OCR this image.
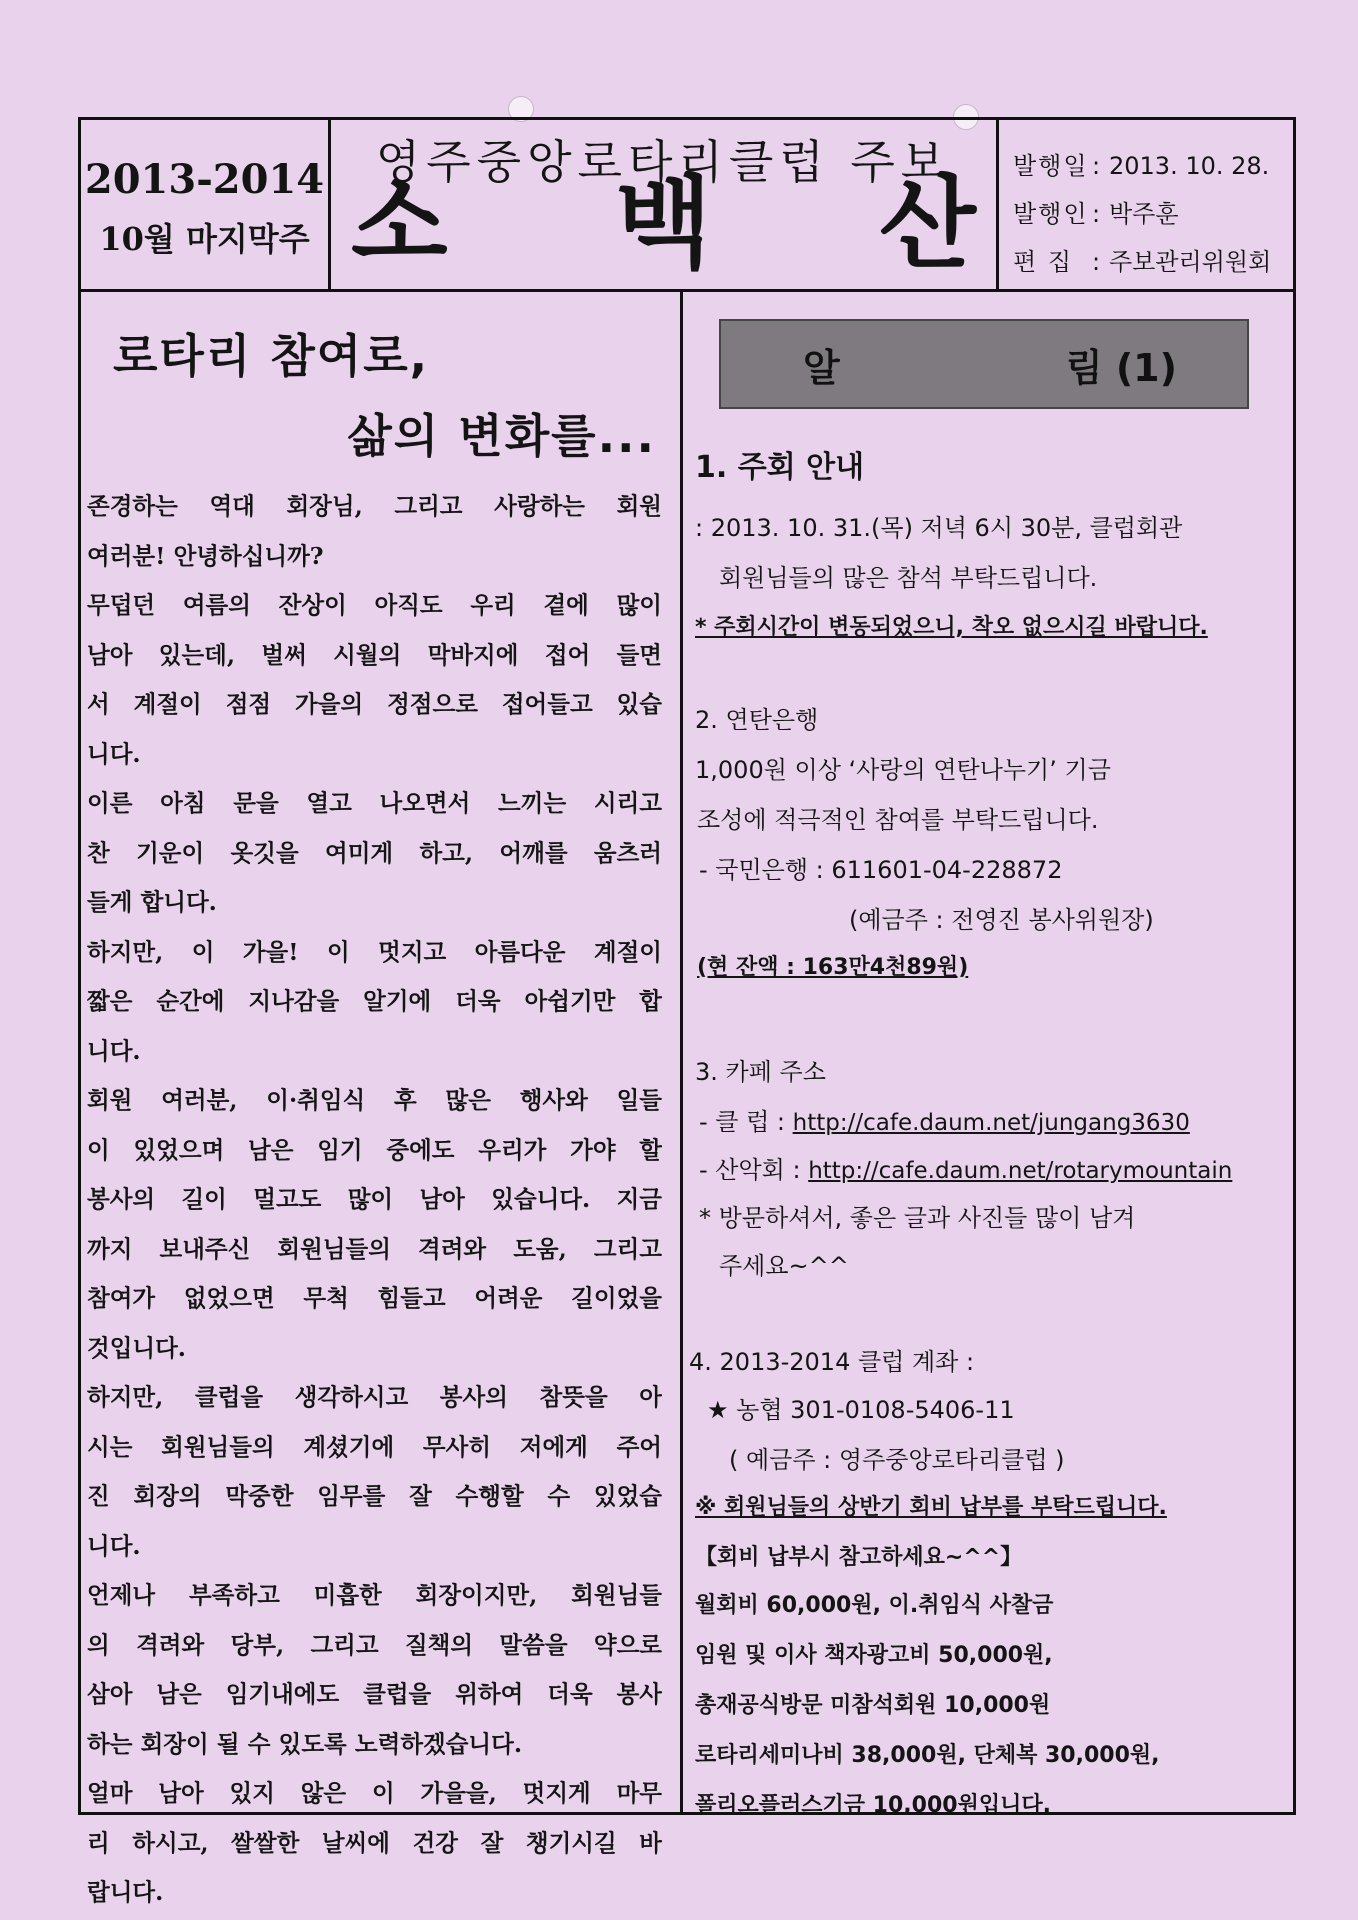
2013-2014
10월 마지막주
영주중앙로타리클럽 주보
소 백 산 발행일 : 2013. 10. 28.
발행인 : 박주훈
편 집 : 주보관리위원회
로타리 참여로,
삶의 변화를...
존경하는 역대 회장님, 그리고 사랑하는 회원
여러분! 안녕하십니까?
무덥던 여름의 잔상이 아직도 우리 곁에 많이
남아 있는데, 벌써 시월의 막바지에 접어 들면
서 계절이 점점 가을의 정점으로 접어들고 있습
니다.
이른 아침 문을 열고 나오면서 느끼는 시리고
찬 기운이 옷깃을 여미게 하고, 어깨를 움츠러
들게 합니다.
하지만, 이 가을! 이 멋지고 아름다운 계절이
짧은 순간에 지나감을 알기에 더욱 아쉽기만 합
니다.
회원 여러분, 이·취임식 후 많은 행사와 일들
이 있었으며 남은 임기 중에도 우리가 가야 할
봉사의 길이 멀고도 많이 남아 있습니다. 지금
까지 보내주신 회원님들의 격려와 도움, 그리고
참여가 없었으면 무척 힘들고 어려운 길이었을
것입니다.
하지만, 클럽을 생각하시고 봉사의 참뜻을 아
시는 회원님들의 계셨기에 무사히 저에게 주어
진 회장의 막중한 임무를 잘 수행할 수 있었습
니다.
언제나 부족하고 미흡한 회장이지만, 회원님들
의 격려와 당부, 그리고 질책의 말씀을 약으로
삼아 남은 임기내에도 클럽을 위하여 더욱 봉사
하는 회장이 될 수 있도록 노력하겠습니다.
얼마 남아 있지 않은 이 가을을, 멋지게 마무
리 하시고, 쌀쌀한 날씨에 건강 잘 챙기시길 바
랍니다.
알	림 (1)
1. 주회 안내
: 2013. 10. 31.(목) 저녁 6시 30분, 클럽회관
회원님들의 많은 참석 부탁드립니다.
* 주회시간이 변동되었으니, 착오 없으시길 바랍니다.
2. 연탄은행
1,000원 이상 ‘사랑의 연탄나누기’ 기금
조성에 적극적인 참여를 부탁드립니다.
- 국민은행 : 611601-04-228872
(예금주 : 전영진 봉사위원장)
(현 잔액 : 163만4천89원)
3. 카페 주소
- 클 럽 : http://cafe.daum.net/jungang3630
- 산악회 : http://cafe.daum.net/rotarymountain
* 방문하셔서, 좋은 글과 사진들 많이 남겨
주세요~^^
4. 2013-2014 클럽 계좌 :
★ 농협 301-0108-5406-11
( 예금주 : 영주중앙로타리클럽 )
※ 회원님들의 상반기 회비 납부를 부탁드립니다.
【회비 납부시 참고하세요~^^】
월회비 60,000원, 이.취임식 사찰금
임원 및 이사 책자광고비 50,000원,
총재공식방문 미참석회원 10,000원
로타리세미나비 38,000원, 단체복 30,000원,
폴리오플러스기금 10,000원입니다.
